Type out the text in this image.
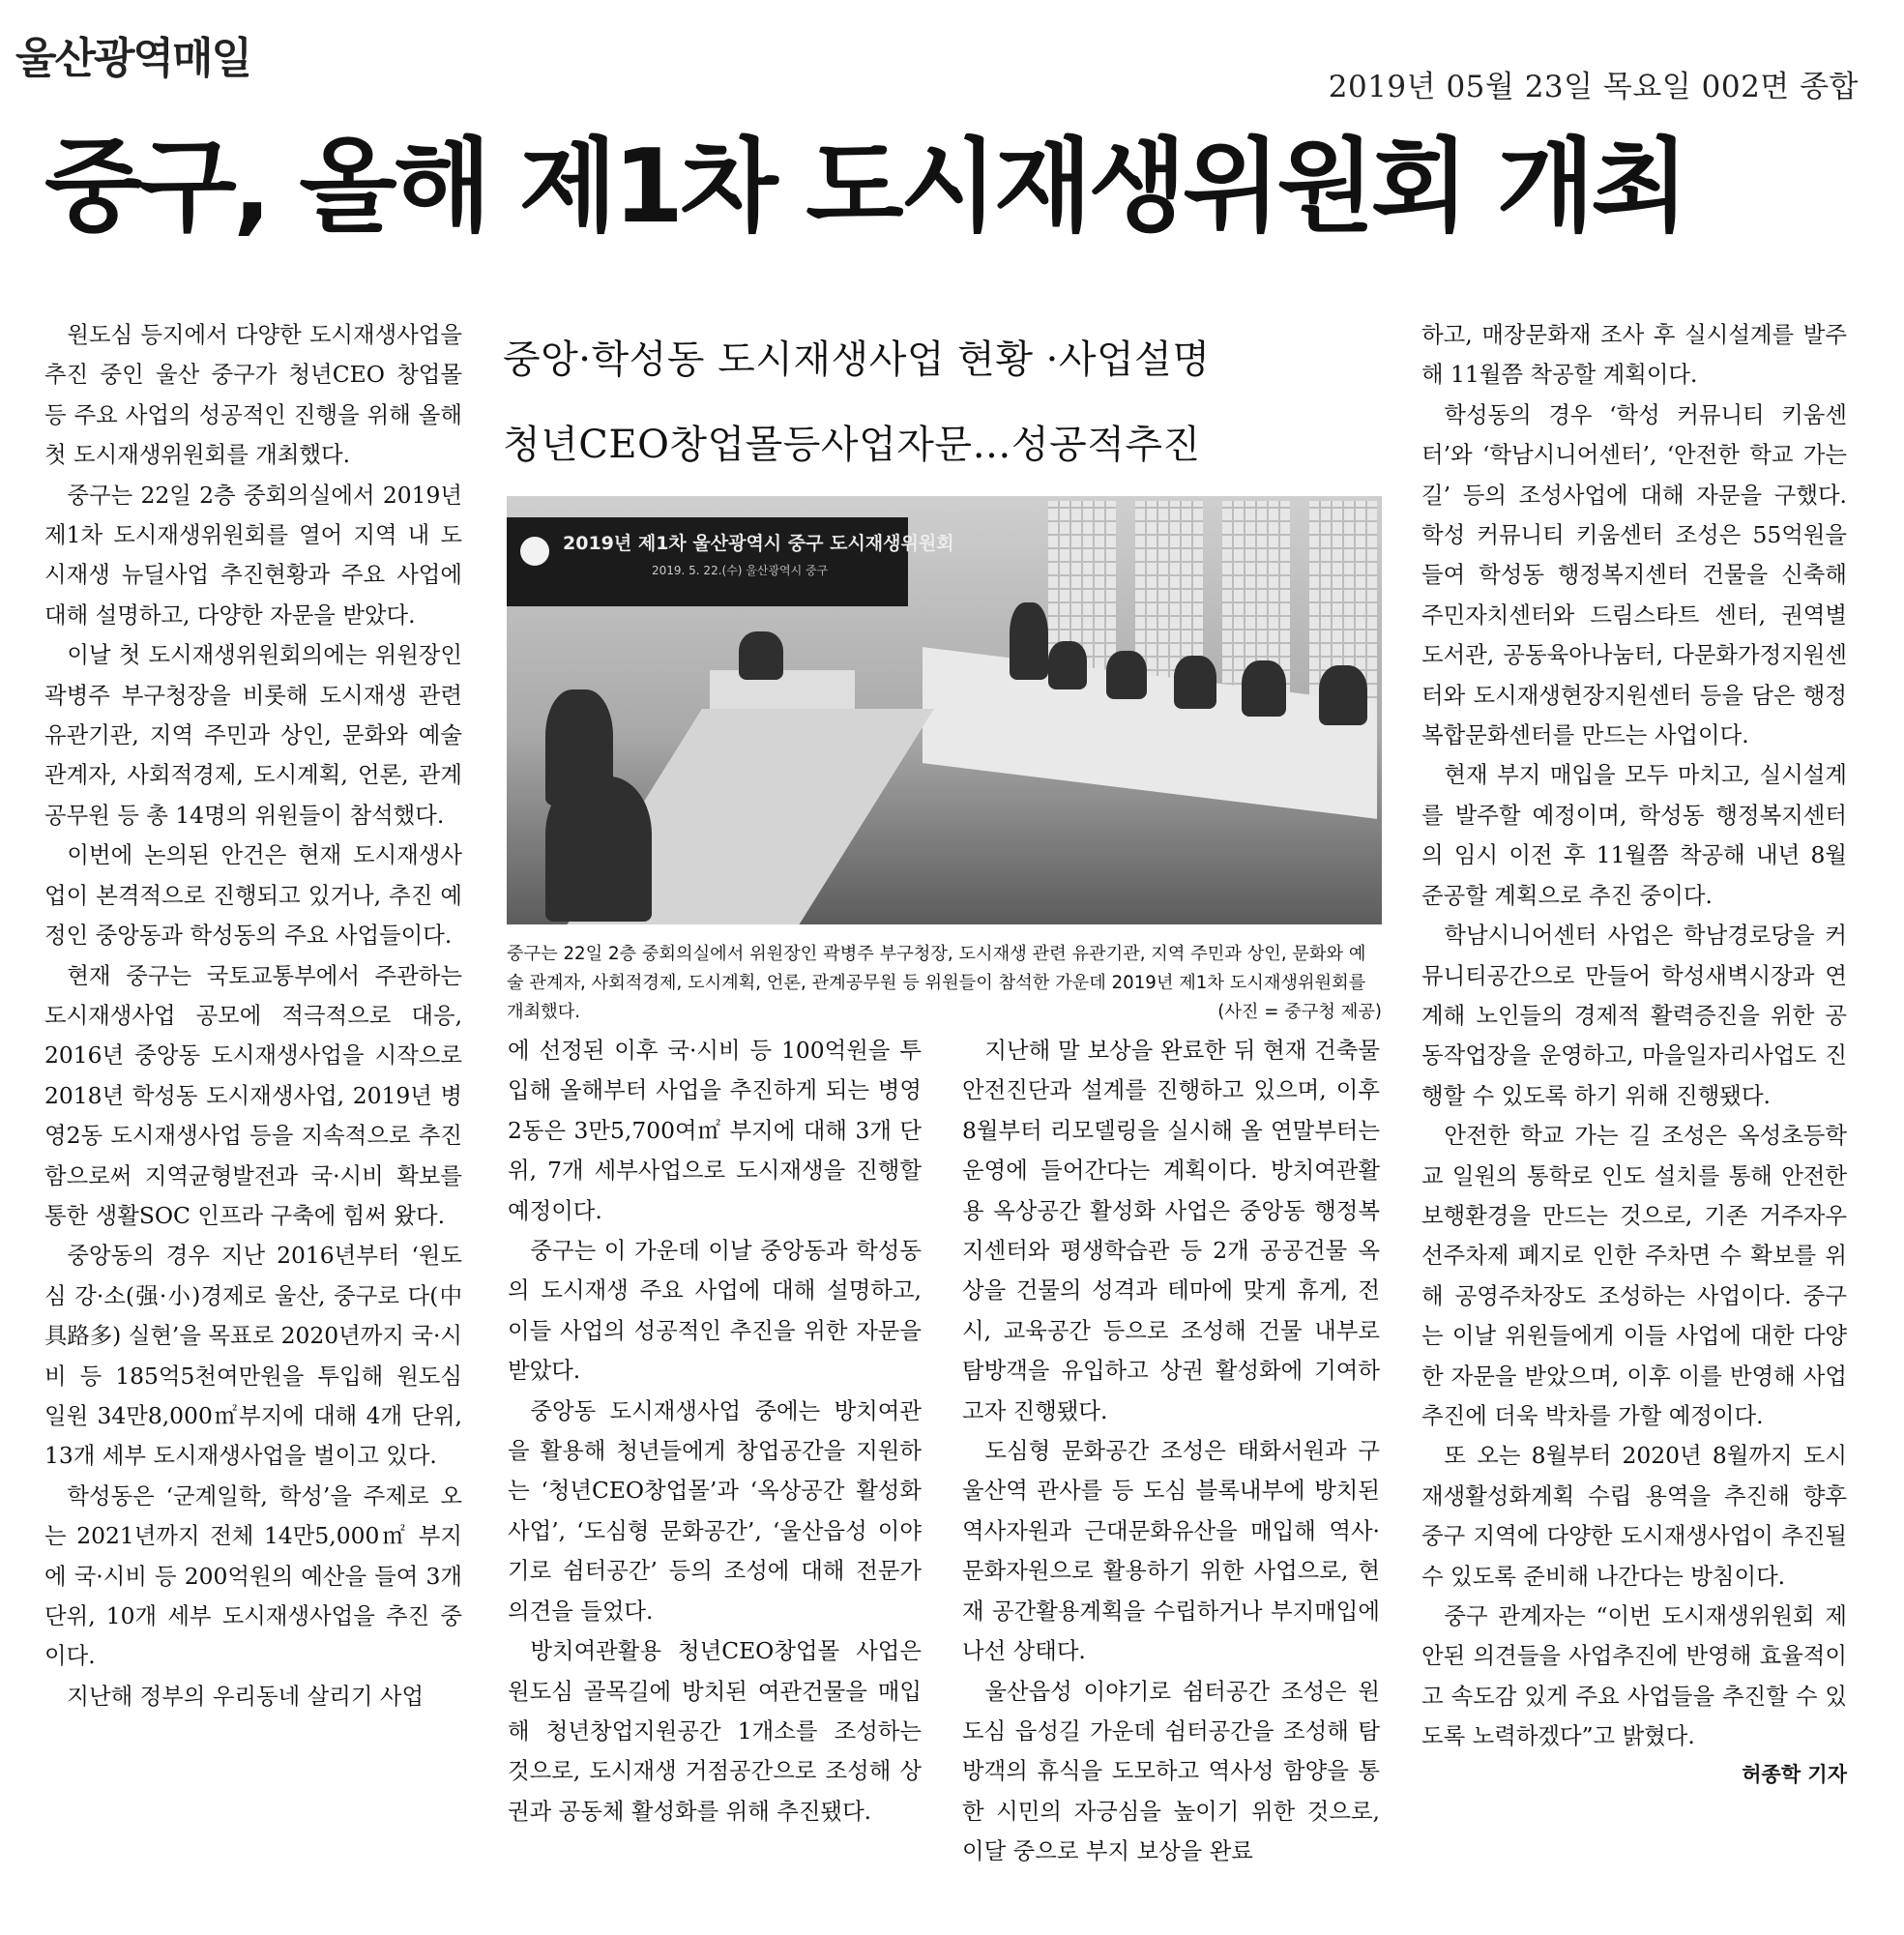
울산광역매일
2019년 05월 23일 목요일 002면 종합
중구, 올해 제1차 도시재생위원회 개최

원도심 등지에서 다양한 도시재생사업을 추진 중인 울산 중구가 청년CEO 창업몰 등 주요 사업의 성공적인 진행을 위해 올해 첫 도시재생위원회를 개최했다.

중구는 22일 2층 중회의실에서 2019년 제1차 도시재생위원회를 열어 지역 내 도시재생 뉴딜사업 추진현황과 주요 사업에 대해 설명하고, 다양한 자문을 받았다.

이날 첫 도시재생위원회의에는 위원장인 곽병주 부구청장을 비롯해 도시재생 관련 유관기관, 지역 주민과 상인, 문화와 예술 관계자, 사회적경제, 도시계획, 언론, 관계공무원 등 총 14명의 위원들이 참석했다.

이번에 논의된 안건은 현재 도시재생사업이 본격적으로 진행되고 있거나, 추진 예정인 중앙동과 학성동의 주요 사업들이다.

현재 중구는 국토교통부에서 주관하는 도시재생사업 공모에 적극적으로 대응, 2016년 중앙동 도시재생사업을 시작으로 2018년 학성동 도시재생사업, 2019년 병영2동 도시재생사업 등을 지속적으로 추진함으로써 지역균형발전과 국·시비 확보를 통한 생활SOC 인프라 구축에 힘써 왔다.

중앙동의 경우 지난 2016년부터 ‘원도심 강·소(强·小)경제로 울산, 중구로 다(中具路多) 실현’을 목표로 2020년까지 국·시비 등 185억5천여만원을 투입해 원도심 일원 34만8,000㎡부지에 대해 4개 단위, 13개 세부 도시재생사업을 벌이고 있다.

학성동은 ‘군계일학, 학성’을 주제로 오는 2021년까지 전체 14만5,000㎡ 부지에 국·시비 등 200억원의 예산을 들여 3개 단위, 10개 세부 도시재생사업을 추진 중이다.

지난해 정부의 우리동네 살리기 사업

중앙·학성동 도시재생사업 현황 ·사업설명
청년CEO창업몰등사업자문…성공적추진
2019년 제1차 울산광역시 중구 도시재생위원회
2019. 5. 22.(수) 울산광역시 중구
중구는 22일 2층 중회의실에서 위원장인 곽병주 부구청장, 도시재생 관련 유관기관, 지역 주민과 상인, 문화와 예술 관계자, 사회적경제, 도시계획, 언론, 관계공무원 등 위원들이 참석한 가운데 2019년 제1차 도시재생위원회를 개최했다.	(사진 = 중구청 제공)

에 선정된 이후 국·시비 등 100억원을 투입해 올해부터 사업을 추진하게 되는 병영2동은 3만5,700여㎡ 부지에 대해 3개 단위, 7개 세부사업으로 도시재생을 진행할 예정이다.

중구는 이 가운데 이날 중앙동과 학성동의 도시재생 주요 사업에 대해 설명하고, 이들 사업의 성공적인 추진을 위한 자문을 받았다.

중앙동 도시재생사업 중에는 방치여관을 활용해 청년들에게 창업공간을 지원하는 ‘청년CEO창업몰’과 ‘옥상공간 활성화 사업’, ‘도심형 문화공간’, ‘울산읍성 이야기로 쉼터공간’ 등의 조성에 대해 전문가 의견을 들었다.

방치여관활용 청년CEO창업몰 사업은 원도심 골목길에 방치된 여관건물을 매입해 청년창업지원공간 1개소를 조성하는 것으로, 도시재생 거점공간으로 조성해 상권과 공동체 활성화를 위해 추진됐다.

지난해 말 보상을 완료한 뒤 현재 건축물 안전진단과 설계를 진행하고 있으며, 이후 8월부터 리모델링을 실시해 올 연말부터는 운영에 들어간다는 계획이다. 방치여관활용 옥상공간 활성화 사업은 중앙동 행정복지센터와 평생학습관 등 2개 공공건물 옥상을 건물의 성격과 테마에 맞게 휴게, 전시, 교육공간 등으로 조성해 건물 내부로 탐방객을 유입하고 상권 활성화에 기여하고자 진행됐다.

도심형 문화공간 조성은 태화서원과 구 울산역 관사를 등 도심 블록내부에 방치된 역사자원과 근대문화유산을 매입해 역사·문화자원으로 활용하기 위한 사업으로, 현재 공간활용계획을 수립하거나 부지매입에 나선 상태다.

울산읍성 이야기로 쉼터공간 조성은 원도심 읍성길 가운데 쉼터공간을 조성해 탐방객의 휴식을 도모하고 역사성 함양을 통한 시민의 자긍심을 높이기 위한 것으로, 이달 중으로 부지 보상을 완료

하고, 매장문화재 조사 후 실시설계를 발주해 11월쯤 착공할 계획이다.

학성동의 경우 ‘학성 커뮤니티 키움센터’와 ‘학남시니어센터’, ‘안전한 학교 가는 길’ 등의 조성사업에 대해 자문을 구했다. 학성 커뮤니티 키움센터 조성은 55억원을 들여 학성동 행정복지센터 건물을 신축해 주민자치센터와 드림스타트 센터, 권역별 도서관, 공동육아나눔터, 다문화가정지원센터와 도시재생현장지원센터 등을 담은 행정 복합문화센터를 만드는 사업이다.

현재 부지 매입을 모두 마치고, 실시설계를 발주할 예정이며, 학성동 행정복지센터의 임시 이전 후 11월쯤 착공해 내년 8월 준공할 계획으로 추진 중이다.

학남시니어센터 사업은 학남경로당을 커뮤니티공간으로 만들어 학성새벽시장과 연계해 노인들의 경제적 활력증진을 위한 공동작업장을 운영하고, 마을일자리사업도 진행할 수 있도록 하기 위해 진행됐다.

안전한 학교 가는 길 조성은 옥성초등학교 일원의 통학로 인도 설치를 통해 안전한 보행환경을 만드는 것으로, 기존 거주자우선주차제 폐지로 인한 주차면 수 확보를 위해 공영주차장도 조성하는 사업이다. 중구는 이날 위원들에게 이들 사업에 대한 다양한 자문을 받았으며, 이후 이를 반영해 사업추진에 더욱 박차를 가할 예정이다.

또 오는 8월부터 2020년 8월까지 도시재생활성화계획 수립 용역을 추진해 향후 중구 지역에 다양한 도시재생사업이 추진될 수 있도록 준비해 나간다는 방침이다.

중구 관계자는 “이번 도시재생위원회 제안된 의견들을 사업추진에 반영해 효율적이고 속도감 있게 주요 사업들을 추진할 수 있도록 노력하겠다”고 밝혔다.

허종학 기자
